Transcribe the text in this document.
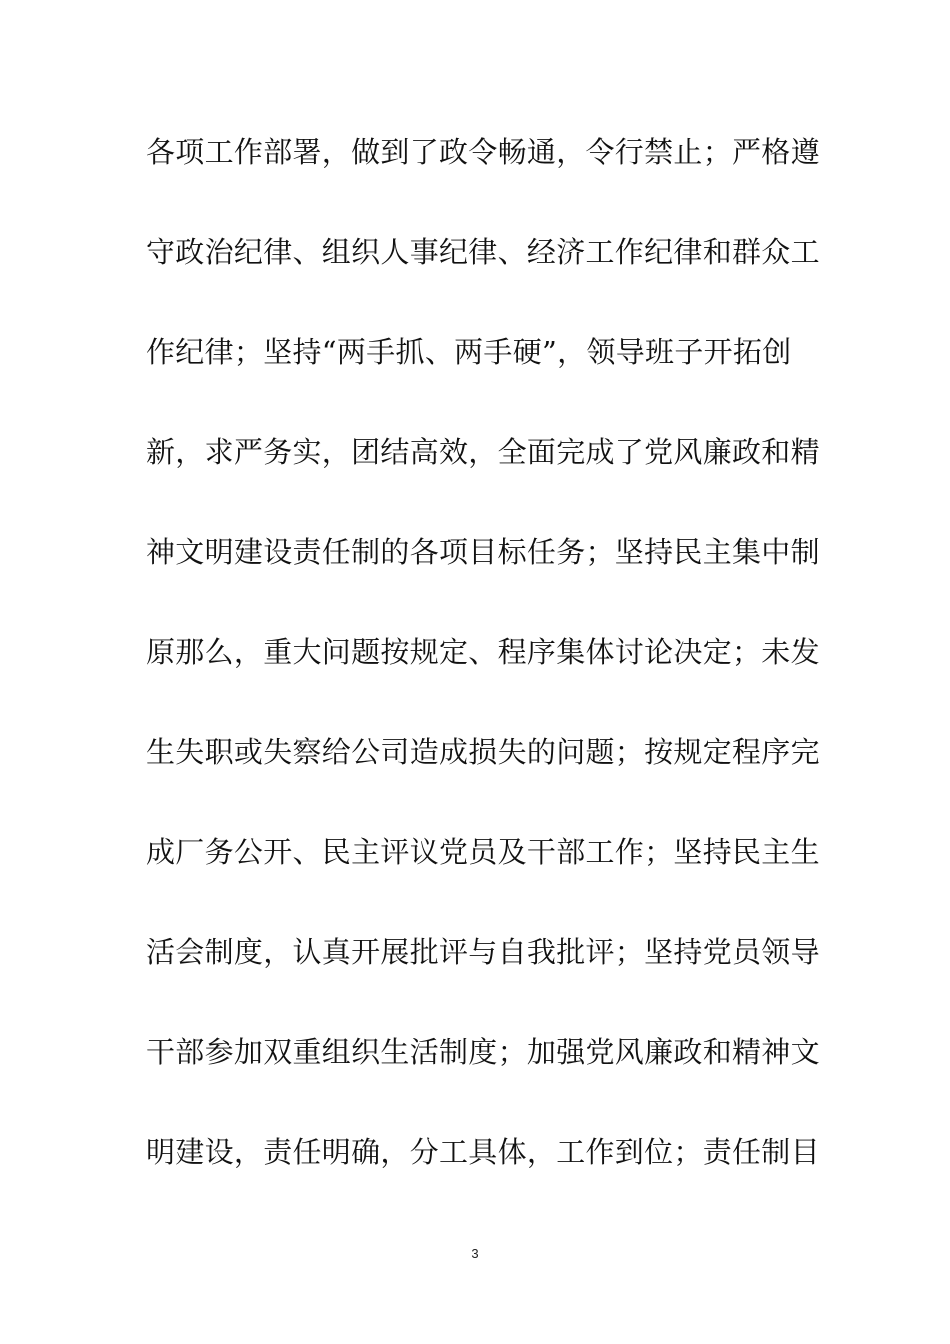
各项工作部署，做到了政令畅通，令行禁止；严格遵
守政治纪律、组织人事纪律、经济工作纪律和群众工
作纪律；坚持“两手抓、两手硬”，领导班子开拓创
新，求严务实，团结高效，全面完成了党风廉政和精
神文明建设责任制的各项目标任务；坚持民主集中制
原那么，重大问题按规定、程序集体讨论决定；未发
生失职或失察给公司造成损失的问题；按规定程序完
成厂务公开、民主评议党员及干部工作；坚持民主生
活会制度，认真开展批评与自我批评；坚持党员领导
干部参加双重组织生活制度；加强党风廉政和精神文
明建设，责任明确，分工具体，工作到位；责任制目
3
